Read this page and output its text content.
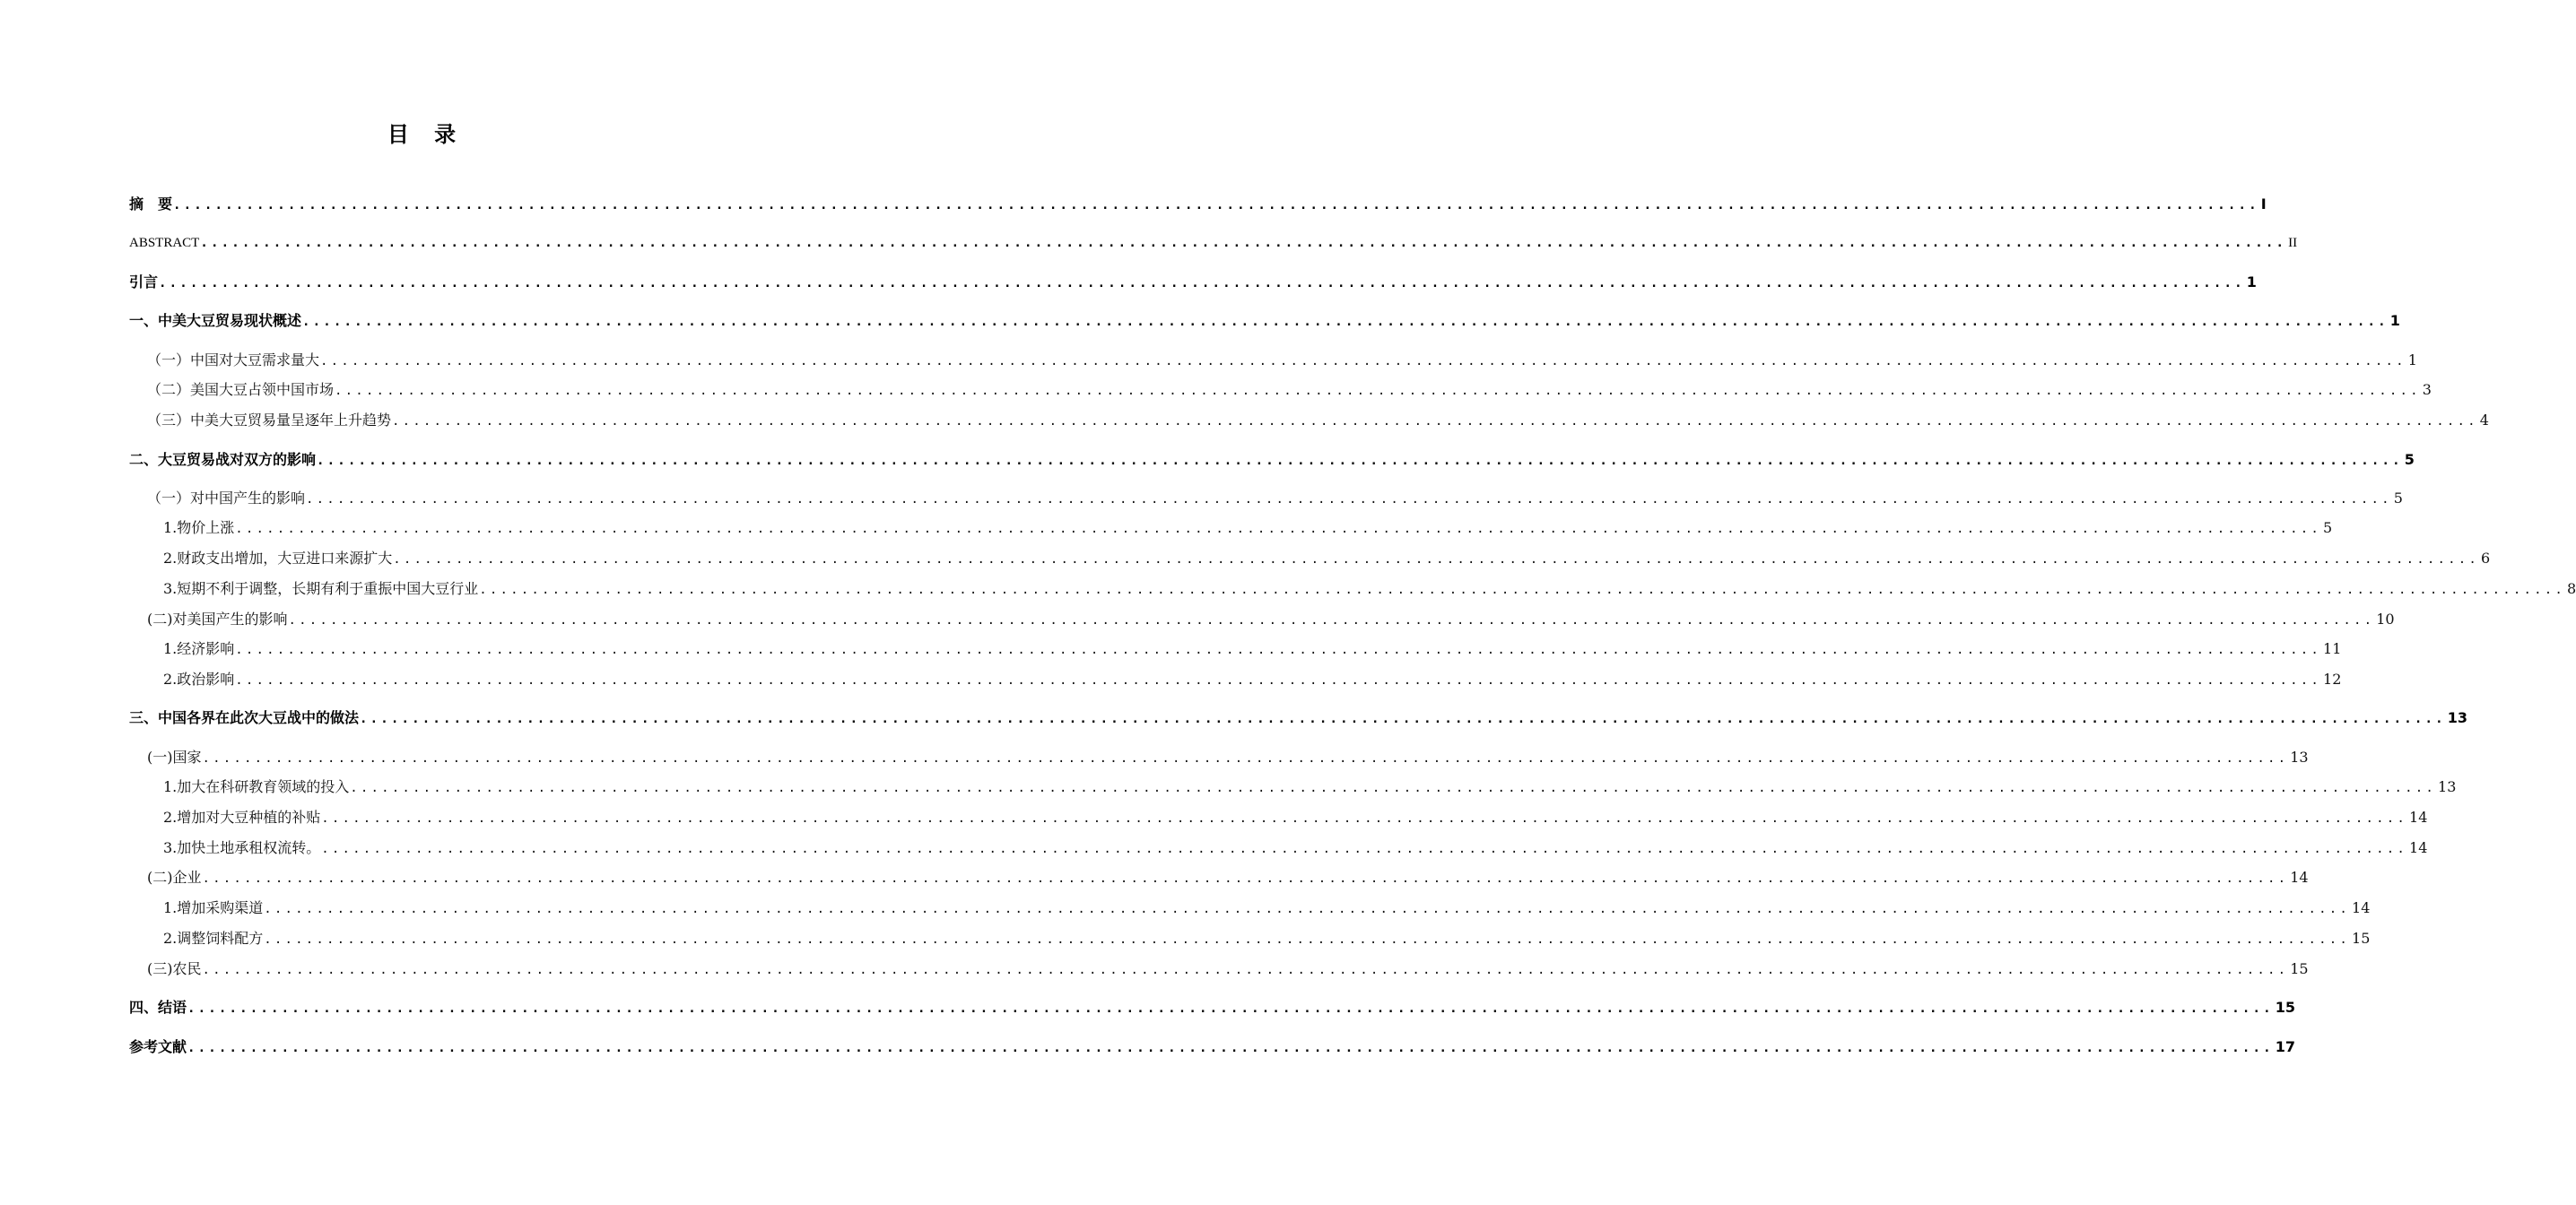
目 录
摘　要 ........................................................................................................................................................................................................ I
ABSTRACT ........................................................................................................................................................................................................ II
引言 ........................................................................................................................................................................................................ 1
一、中美大豆贸易现状概述 ........................................................................................................................................................................................................ 1
（一）中国对大豆需求量大 ........................................................................................................................................................................................................ 1
（二）美国大豆占领中国市场 ........................................................................................................................................................................................................ 3
（三）中美大豆贸易量呈逐年上升趋势 ........................................................................................................................................................................................................ 4
二、大豆贸易战对双方的影响 ........................................................................................................................................................................................................ 5
（一）对中国产生的影响 ........................................................................................................................................................................................................ 5
1.物价上涨 ........................................................................................................................................................................................................ 5
2.财政支出增加，大豆进口来源扩大 ........................................................................................................................................................................................................ 6
3.短期不利于调整，长期有利于重振中国大豆行业 ........................................................................................................................................................................................................ 8
(二)对美国产生的影响 ........................................................................................................................................................................................................ 10
1.经济影响 ........................................................................................................................................................................................................ 11
2.政治影响 ........................................................................................................................................................................................................ 12
三、中国各界在此次大豆战中的做法 ........................................................................................................................................................................................................ 13
(一)国家 ........................................................................................................................................................................................................ 13
1.加大在科研教育领域的投入 ........................................................................................................................................................................................................ 13
2.增加对大豆种植的补贴 ........................................................................................................................................................................................................ 14
3.加快土地承租权流转。 ........................................................................................................................................................................................................ 14
(二)企业 ........................................................................................................................................................................................................ 14
1.增加采购渠道 ........................................................................................................................................................................................................ 14
2.调整饲料配方 ........................................................................................................................................................................................................ 15
(三)农民 ........................................................................................................................................................................................................ 15
四、结语 ........................................................................................................................................................................................................ 15
参考文献 ........................................................................................................................................................................................................ 17
